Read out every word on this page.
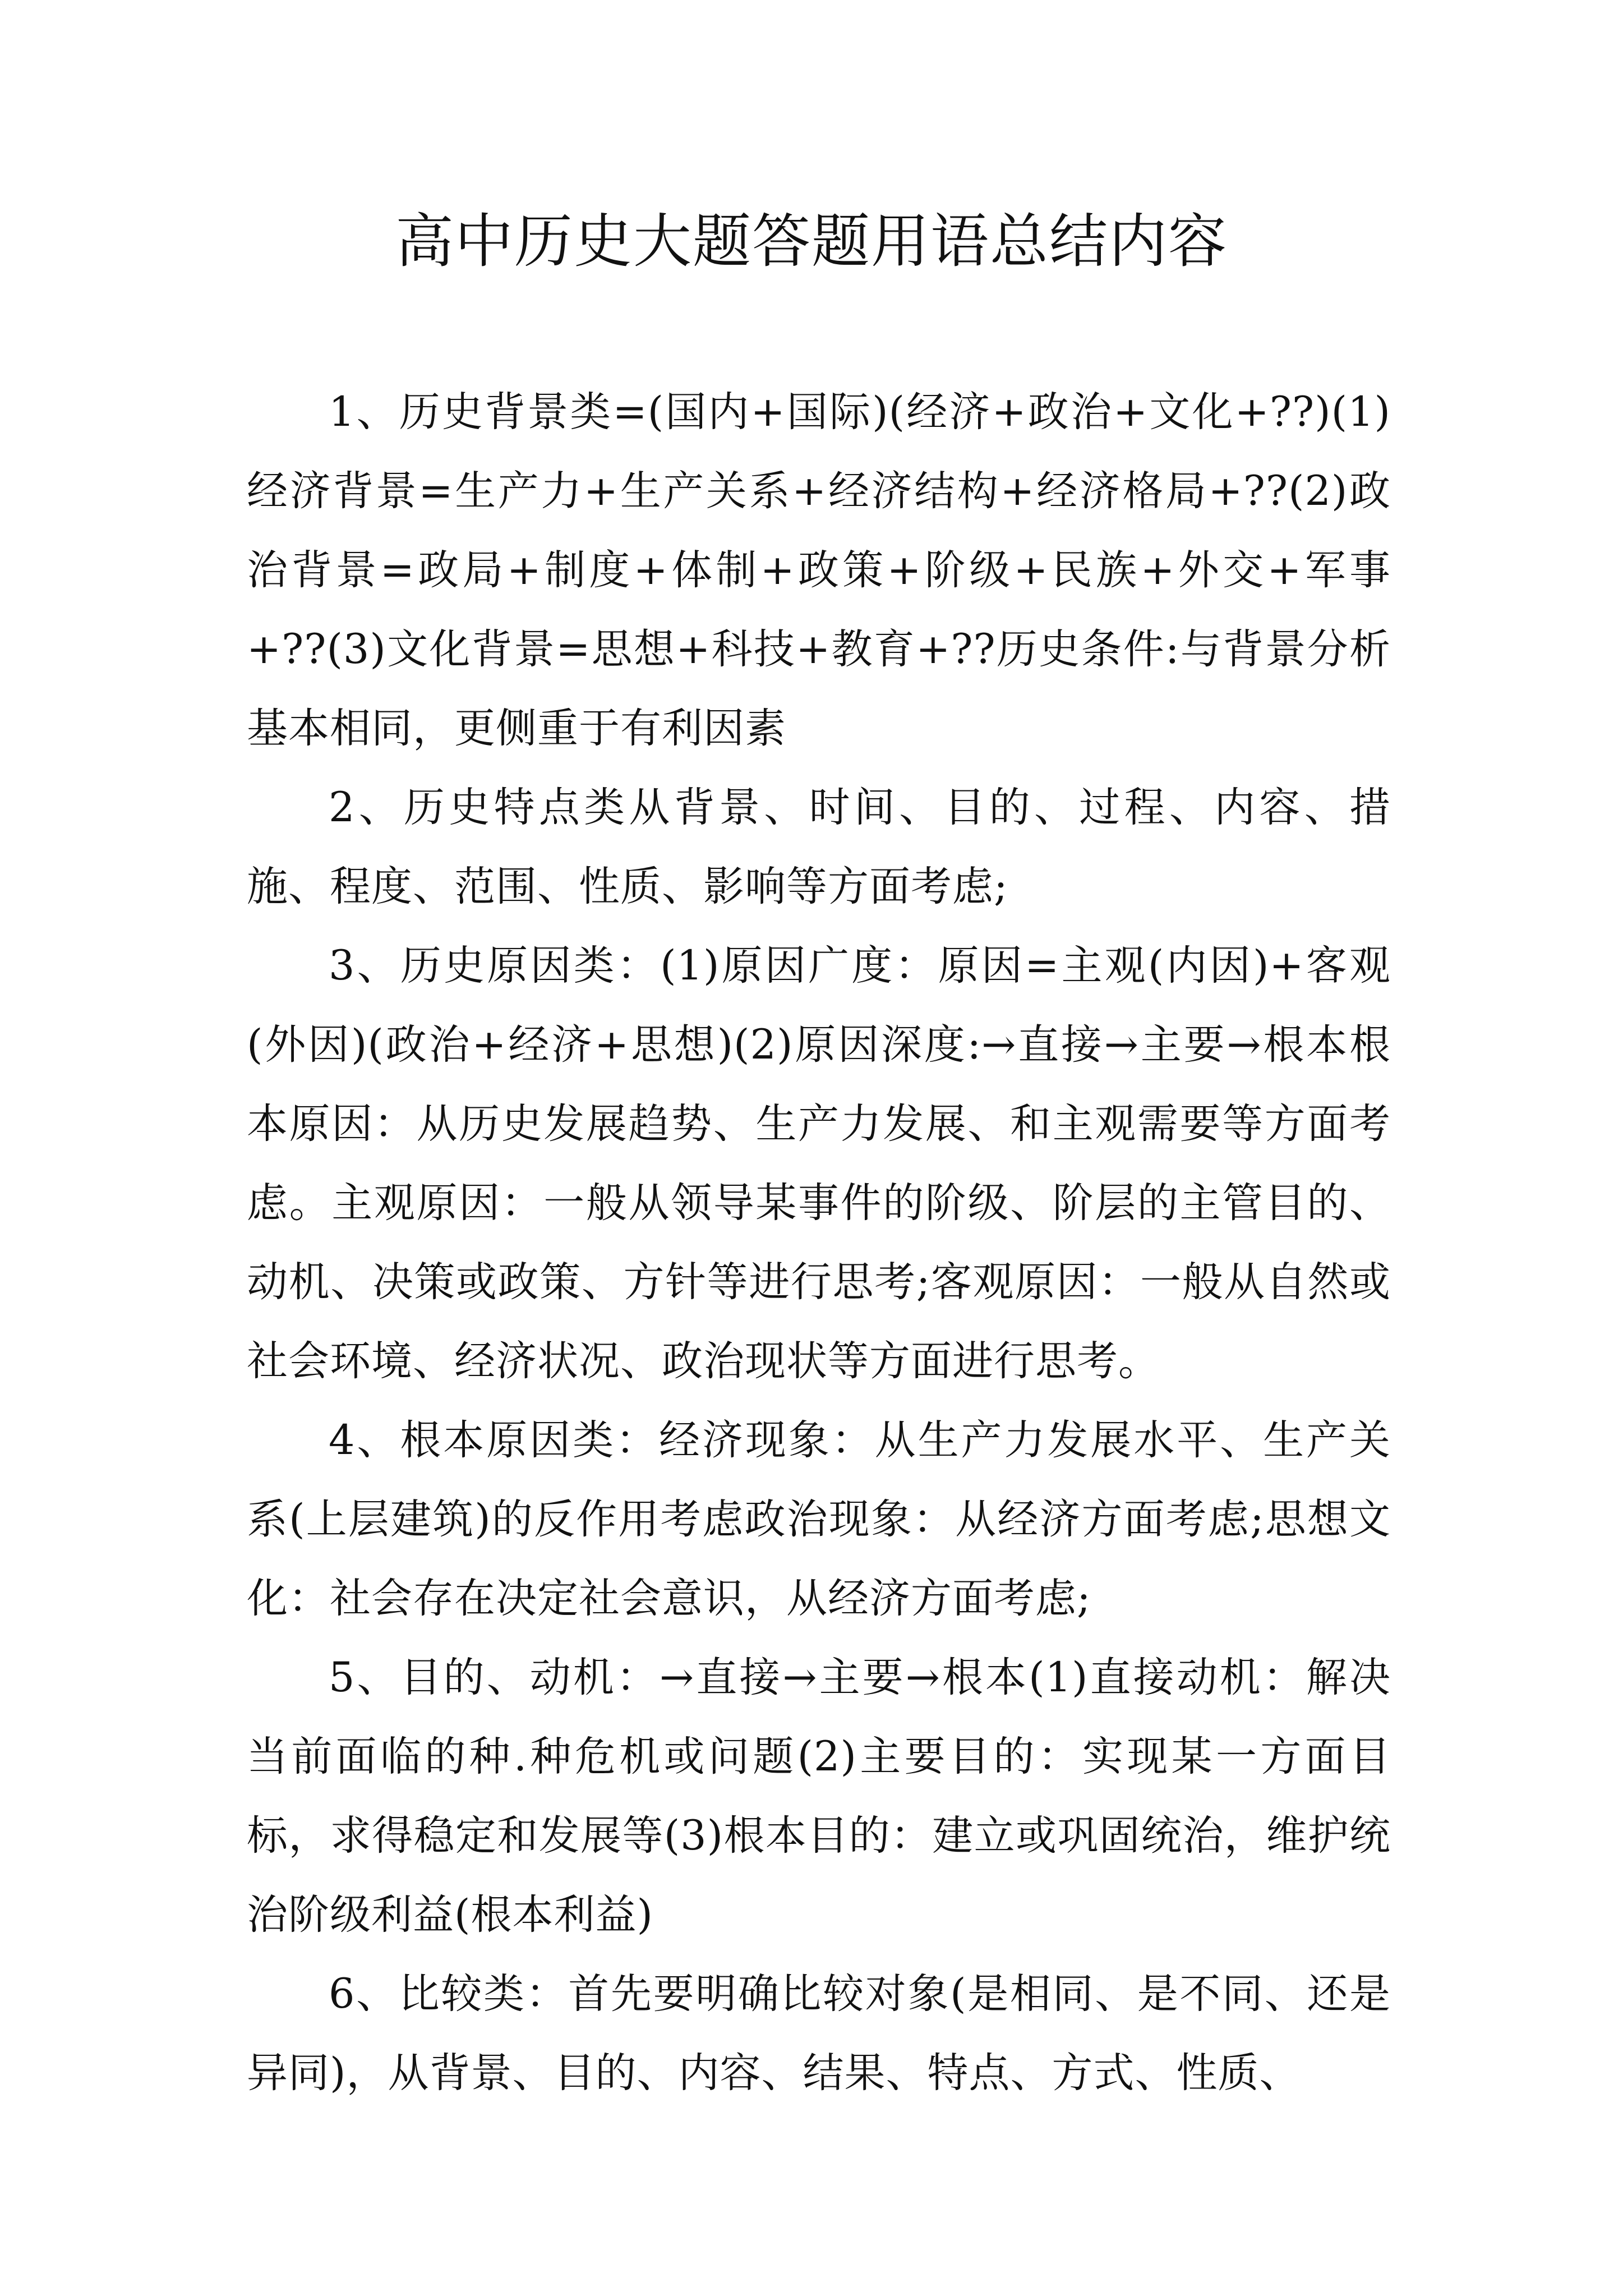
高中历史大题答题用语总结内容

1、历史背景类=(国内+国际)(经济+政治+文化+??)(1)经济背景=生产力+生产关系+经济结构+经济格局+??(2)政治背景=政局+制度+体制+政策+阶级+民族+外交+军事+??(3)文化背景=思想+科技+教育+??历史条件:与背景分析基本相同，更侧重于有利因素

2、历史特点类从背景、时间、目的、过程、内容、措施、程度、范围、性质、影响等方面考虑;

3、历史原因类：(1)原因广度：原因=主观(内因)+客观(外因)(政治+经济+思想)(2)原因深度:→直接→主要→根本根本原因：从历史发展趋势、生产力发展、和主观需要等方面考虑。主观原因：一般从领导某事件的阶级、阶层的主管目的、动机、决策或政策、方针等进行思考;客观原因：一般从自然或社会环境、经济状况、政治现状等方面进行思考。

4、根本原因类：经济现象：从生产力发展水平、生产关系(上层建筑)的反作用考虑政治现象：从经济方面考虑;思想文化：社会存在决定社会意识，从经济方面考虑;

5、目的、动机：→直接→主要→根本(1)直接动机：解决当前面临的种.种危机或问题(2)主要目的：实现某一方面目标，求得稳定和发展等(3)根本目的：建立或巩固统治，维护统治阶级利益(根本利益)

6、比较类：首先要明确比较对象(是相同、是不同、还是异同)，从背景、目的、内容、结果、特点、方式、性质、
